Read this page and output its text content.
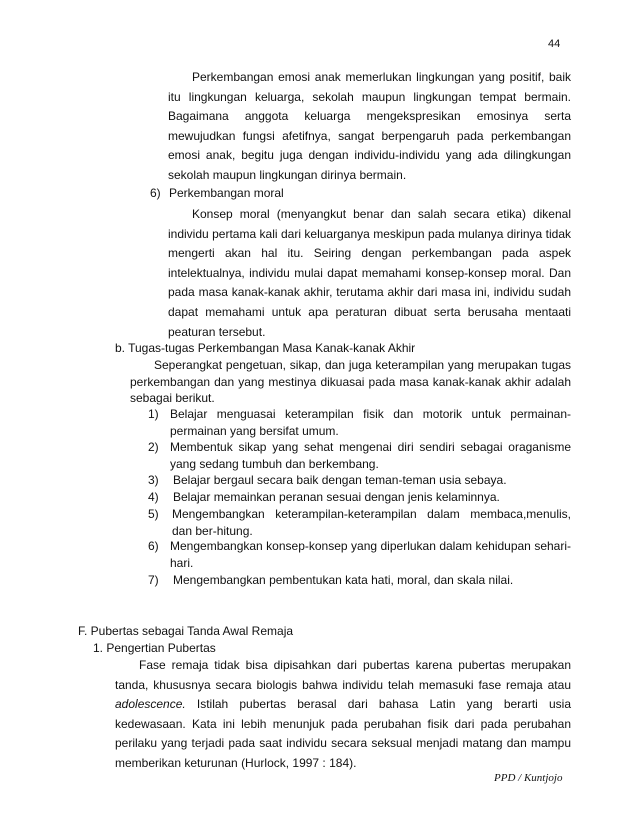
44

Perkembangan emosi anak memerlukan lingkungan yang positif, baik itu lingkungan keluarga, sekolah maupun lingkungan tempat bermain. Bagaimana anggota keluarga mengekspresikan emosinya serta mewujudkan fungsi afetifnya, sangat berpengaruh pada perkembangan emosi anak, begitu juga dengan individu-individu yang ada dilingkungan sekolah maupun lingkungan dirinya bermain.

6) Perkembangan moral

Konsep moral (menyangkut benar dan salah secara etika) dikenal individu pertama kali dari keluarganya meskipun pada mulanya dirinya tidak mengerti akan hal itu. Seiring dengan perkembangan pada aspek intelektualnya, individu mulai dapat memahami konsep-konsep moral. Dan pada masa kanak-kanak akhir, terutama akhir dari masa ini, individu sudah dapat memahami untuk apa peraturan dibuat serta berusaha mentaati peaturan tersebut.

b. Tugas-tugas Perkembangan Masa Kanak-kanak Akhir

Seperangkat pengetuan, sikap, dan juga keterampilan yang merupakan tugas perkembangan dan yang mestinya dikuasai pada masa kanak-kanak akhir adalah sebagai berikut.

1) Belajar menguasai keterampilan fisik dan motorik untuk permainan-permainan yang bersifat umum.
2) Membentuk sikap yang sehat mengenai diri sendiri sebagai oraganisme yang sedang tumbuh dan berkembang.
3)	Belajar bergaul secara baik dengan teman-teman usia sebaya.
4)	Belajar memainkan peranan sesuai dengan jenis kelaminnya.
5)	Mengembangkan keterampilan-keterampilan dalam membaca,menulis, dan ber-hitung.
6) Mengembangkan konsep-konsep yang diperlukan dalam kehidupan sehari-hari.
7)	Mengembangkan pembentukan kata hati, moral, dan skala nilai.

F. Pubertas sebagai Tanda Awal Remaja

1. Pengertian Pubertas

Fase remaja tidak bisa dipisahkan dari pubertas karena pubertas merupakan tanda, khususnya secara biologis bahwa individu telah memasuki fase remaja atau adolescence. Istilah pubertas berasal dari bahasa Latin yang berarti usia kedewasaan. Kata ini lebih menunjuk pada perubahan fisik dari pada perubahan perilaku yang terjadi pada saat individu secara seksual menjadi matang dan mampu memberikan keturunan (Hurlock, 1997 : 184).

PPD / Kuntjojo
